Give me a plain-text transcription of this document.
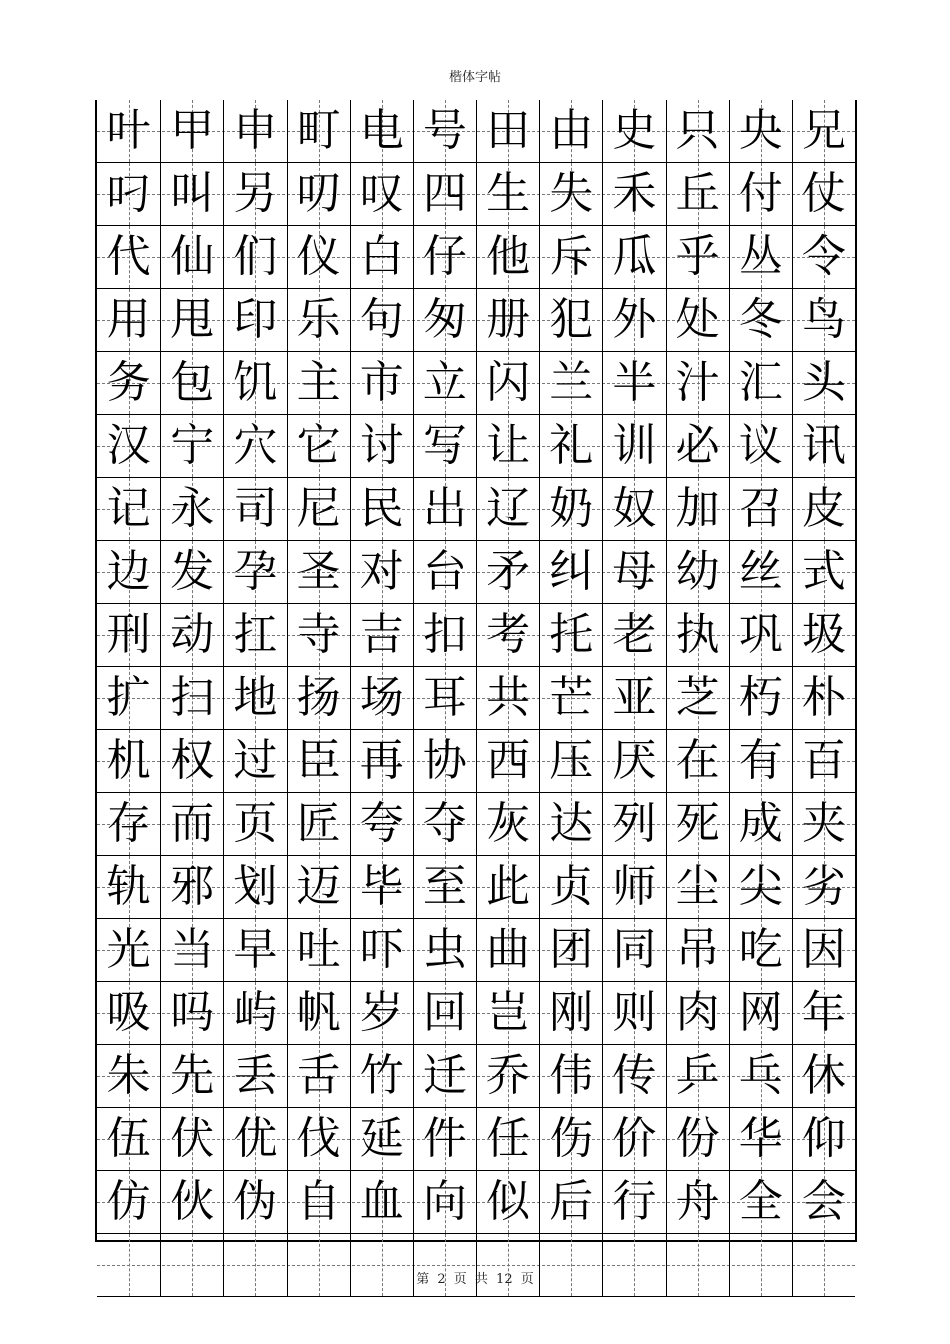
楷体字帖
叶 甲 申 町 电 号 田 由 史 只 央 兄
叼 叫 另 叨 叹 四 生 失 禾 丘 付 仗
代 仙 们 仪 白 仔 他 斥 瓜 乎 丛 令
用 甩 印 乐 句 匆 册 犯 外 处 冬 鸟
务 包 饥 主 市 立 闪 兰 半 汁 汇 头
汉 宁 穴 它 讨 写 让 礼 训 必 议 讯
记 永 司 尼 民 出 辽 奶 奴 加 召 皮
边 发 孕 圣 对 台 矛 纠 母 幼 丝 式
刑 动 扛 寺 吉 扣 考 托 老 执 巩 圾
扩 扫 地 扬 场 耳 共 芒 亚 芝 朽 朴
机 权 过 臣 再 协 西 压 厌 在 有 百
存 而 页 匠 夸 夺 灰 达 列 死 成 夹
轨 邪 划 迈 毕 至 此 贞 师 尘 尖 劣
光 当 早 吐 吓 虫 曲 团 同 吊 吃 因
吸 吗 屿 帆 岁 回 岂 刚 则 肉 网 年
朱 先 丢 舌 竹 迁 乔 伟 传 乒 乓 休
伍 伏 优 伐 延 件 任 伤 价 份 华 仰
仿 伙 伪 自 血 向 似 后 行 舟 全 会
第 2 页 共 12 页
